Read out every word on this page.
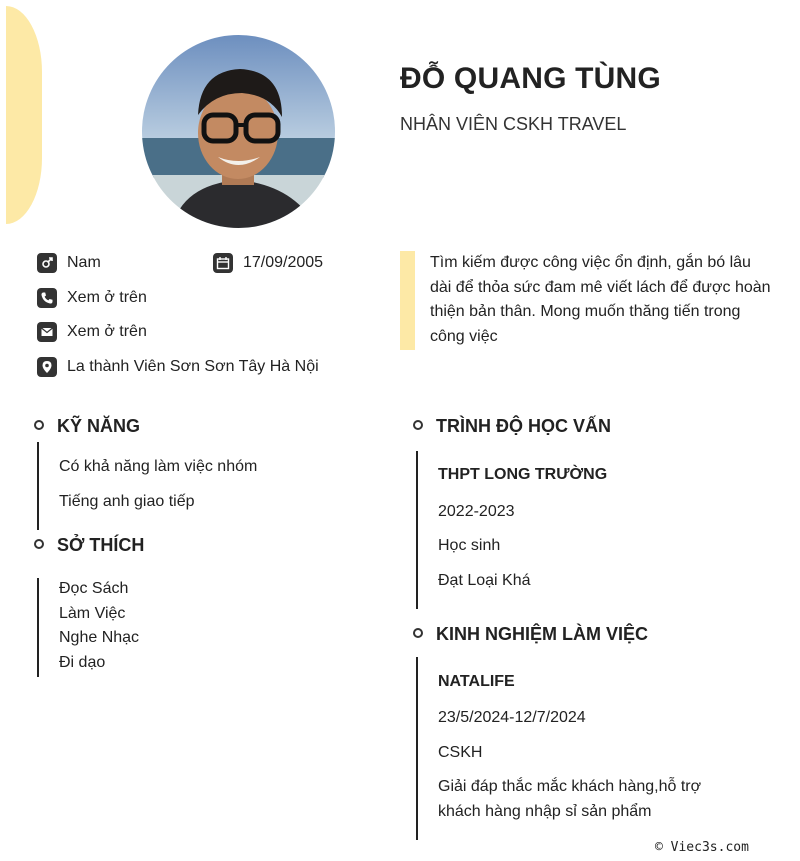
ĐỖ QUANG TÙNG
NHÂN VIÊN CSKH TRAVEL
Nam	17/09/2005
Xem ở trên
Xem ở trên
La thành Viên Sơn Sơn Tây Hà Nội
Tìm kiếm được công việc ổn định, gắn bó lâu dài để thỏa sức đam mê viết lách để được hoàn thiện bản thân. Mong muốn thăng tiến trong công việc
KỸ NĂNG
Có khả năng làm việc nhóm
Tiếng anh giao tiếp
SỞ THÍCH
Đọc Sách
Làm Việc
Nghe Nhạc
Đi dạo
TRÌNH ĐỘ HỌC VẤN
THPT LONG TRƯỜNG
2022-2023
Học sinh
Đạt Loại Khá
KINH NGHIỆM LÀM VIỆC
NATALIFE
23/5/2024-12/7/2024
CSKH
Giải đáp thắc mắc khách hàng,hỗ trợ
khách hàng nhập sỉ sản phẩm
© Viec3s.com
